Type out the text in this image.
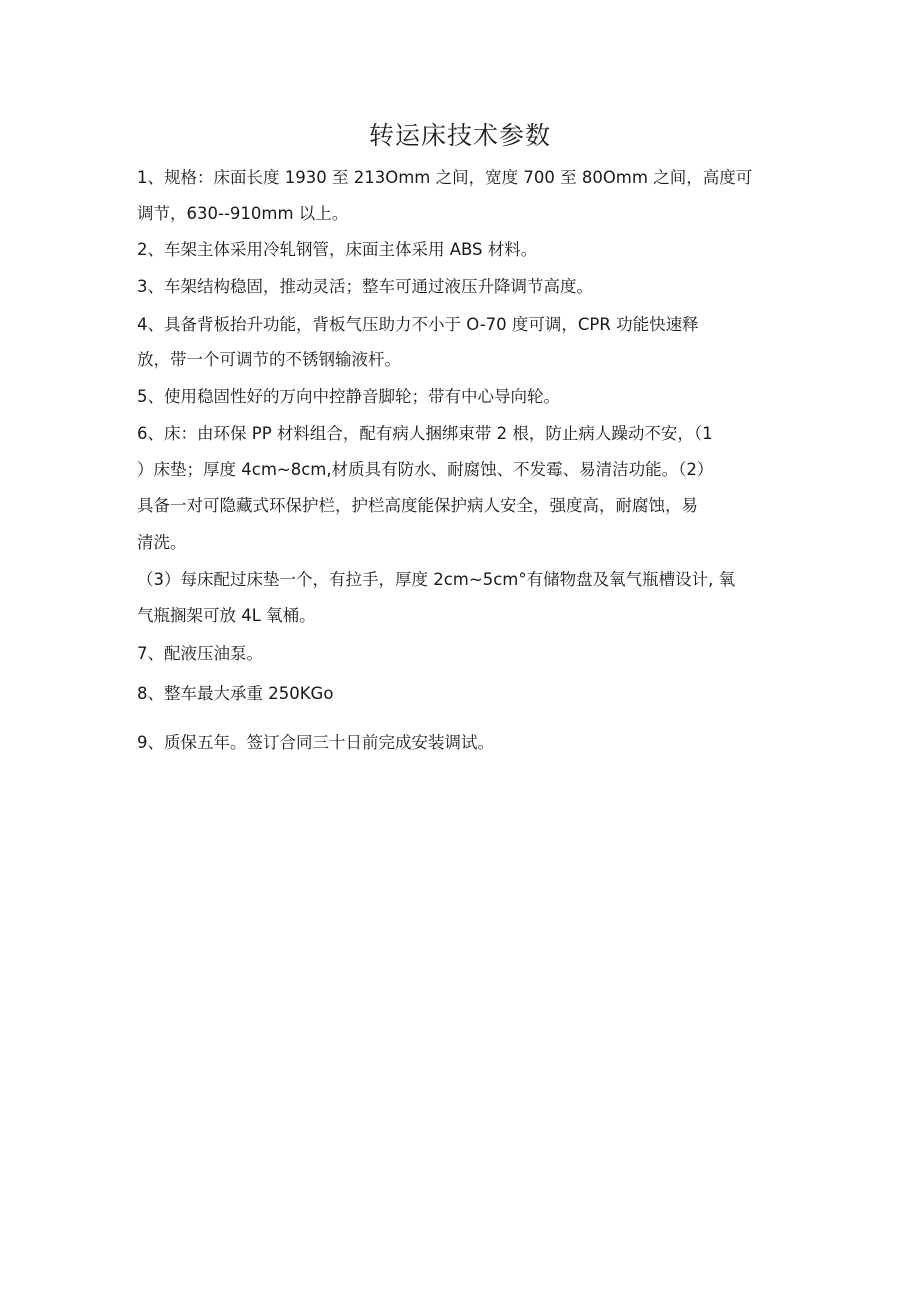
转运床技术参数
1、规格：床面长度 1930 至 213Omm 之间，宽度 700 至 80Omm 之间，高度可
调节，630--910mm 以上。
2、车架主体采用冷轧钢管，床面主体采用 ABS 材料。
3、车架结构稳固，推动灵活；整车可通过液压升降调节高度。
4、具备背板抬升功能，背板气压助力不小于 O-70 度可调，CPR 功能快速释
放，带一个可调节的不锈钢输液杆。
5、使用稳固性好的万向中控静音脚轮；带有中心导向轮。
6、床：由环保 PP 材料组合，配有病人捆绑束带 2 根，防止病人躁动不安，（1
）床垫；厚度 4cm~8cm,材质具有防水、耐腐蚀、不发霉、易清洁功能。（2）
具备一对可隐藏式环保护栏，护栏高度能保护病人安全，强度高，耐腐蚀，易
清洗。
（3）每床配过床垫一个，有拉手，厚度 2cm~5cm°有储物盘及氧气瓶槽设计, 氧
气瓶搁架可放 4L 氧桶。
7、配液压油泵。
8、整车最大承重 250KGo
9、质保五年。签订合同三十日前完成安装调试。
